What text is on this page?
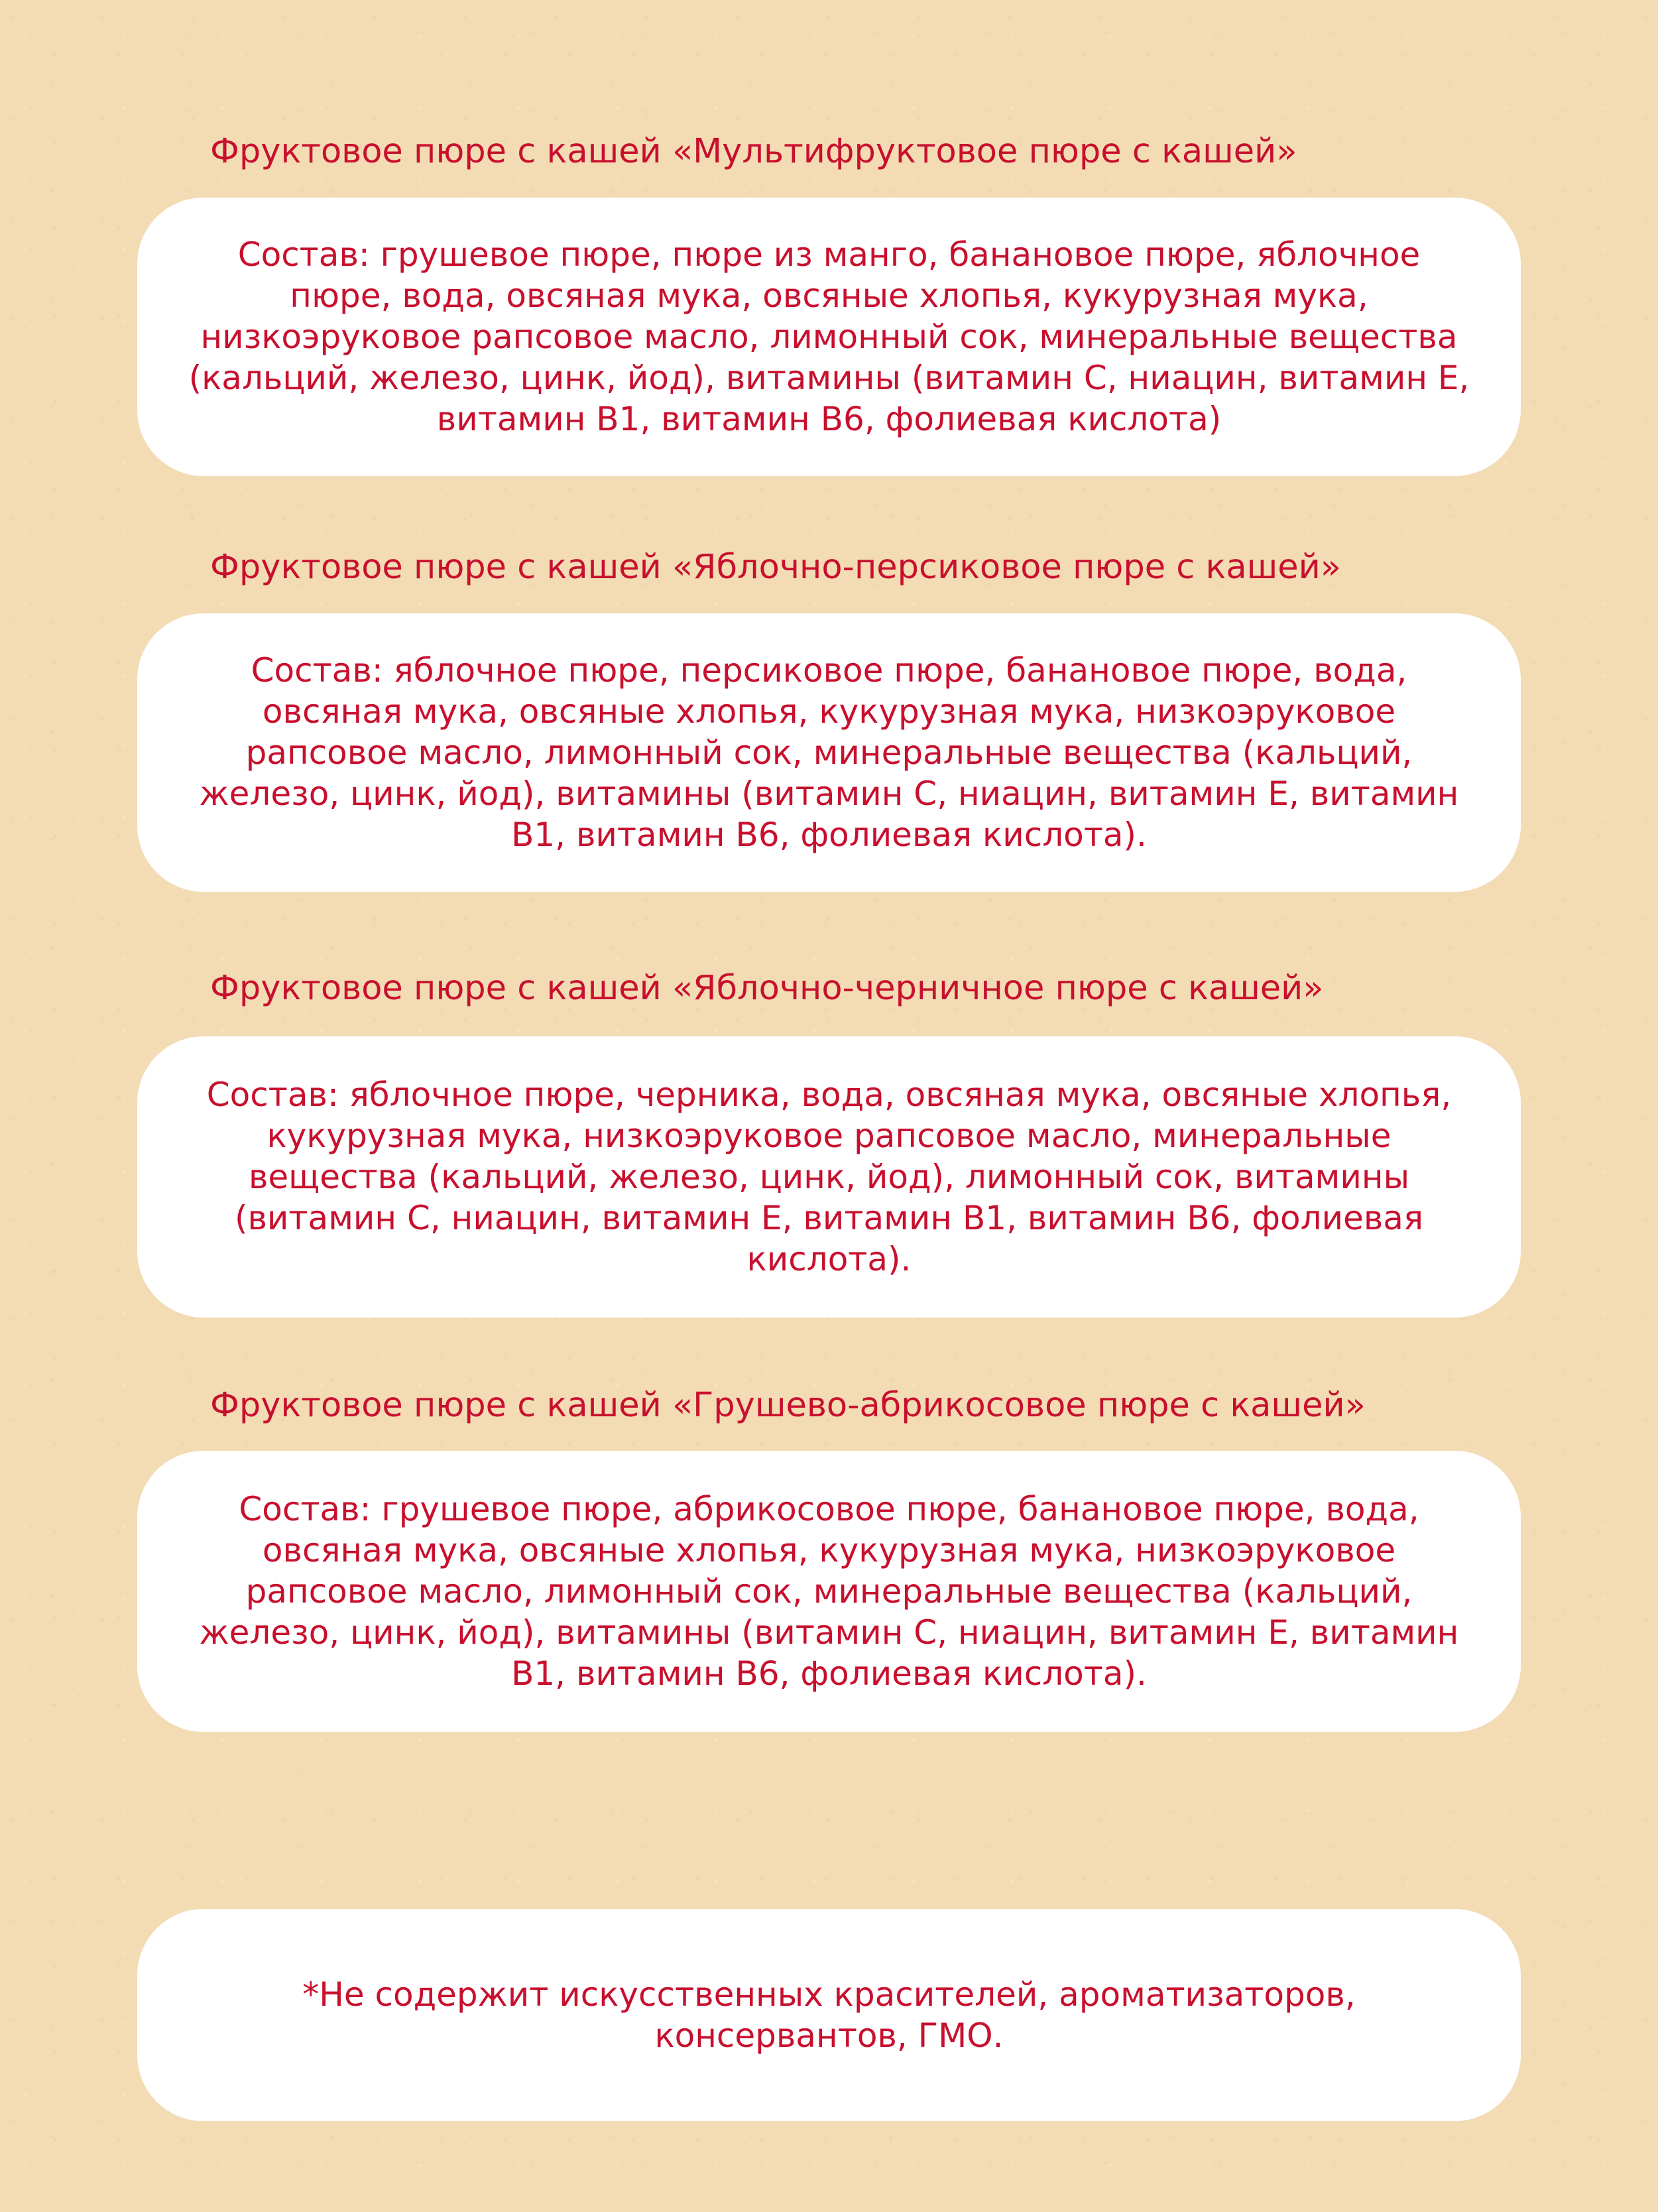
Фруктовое пюре с кашей «Мультифруктовое пюре с кашей»

Состав: грушевое пюре, пюре из манго, банановое пюре, яблочное пюре, вода, овсяная мука, овсяные хлопья, кукурузная мука, низкоэруковое рапсовое масло, лимонный сок, минеральные вещества (кальций, железо, цинк, йод), витамины (витамин С, ниацин, витамин Е, витамин В1, витамин В6, фолиевая кислота)

Фруктовое пюре с кашей «Яблочно-персиковое пюре с кашей»

Состав: яблочное пюре, персиковое пюре, банановое пюре, вода, овсяная мука, овсяные хлопья, кукурузная мука, низкоэруковое рапсовое масло, лимонный сок, минеральные вещества (кальций, железо, цинк, йод), витамины (витамин С, ниацин, витамин Е, витамин В1, витамин В6, фолиевая кислота).

Фруктовое пюре с кашей «Яблочно-черничное пюре с кашей»

Состав: яблочное пюре, черника, вода, овсяная мука, овсяные хлопья, кукурузная мука, низкоэруковое рапсовое масло, минеральные вещества (кальций, железо, цинк, йод), лимонный сок, витамины (витамин С, ниацин, витамин Е, витамин В1, витамин В6, фолиевая кислота).

Фруктовое пюре с кашей «Грушево-абрикосовое пюре с кашей»

Состав: грушевое пюре, абрикосовое пюре, банановое пюре, вода, овсяная мука, овсяные хлопья, кукурузная мука, низкоэруковое рапсовое масло, лимонный сок, минеральные вещества (кальций, железо, цинк, йод), витамины (витамин С, ниацин, витамин Е, витамин В1, витамин В6, фолиевая кислота).

*Не содержит искусственных красителей, ароматизаторов, консервантов, ГМО.
